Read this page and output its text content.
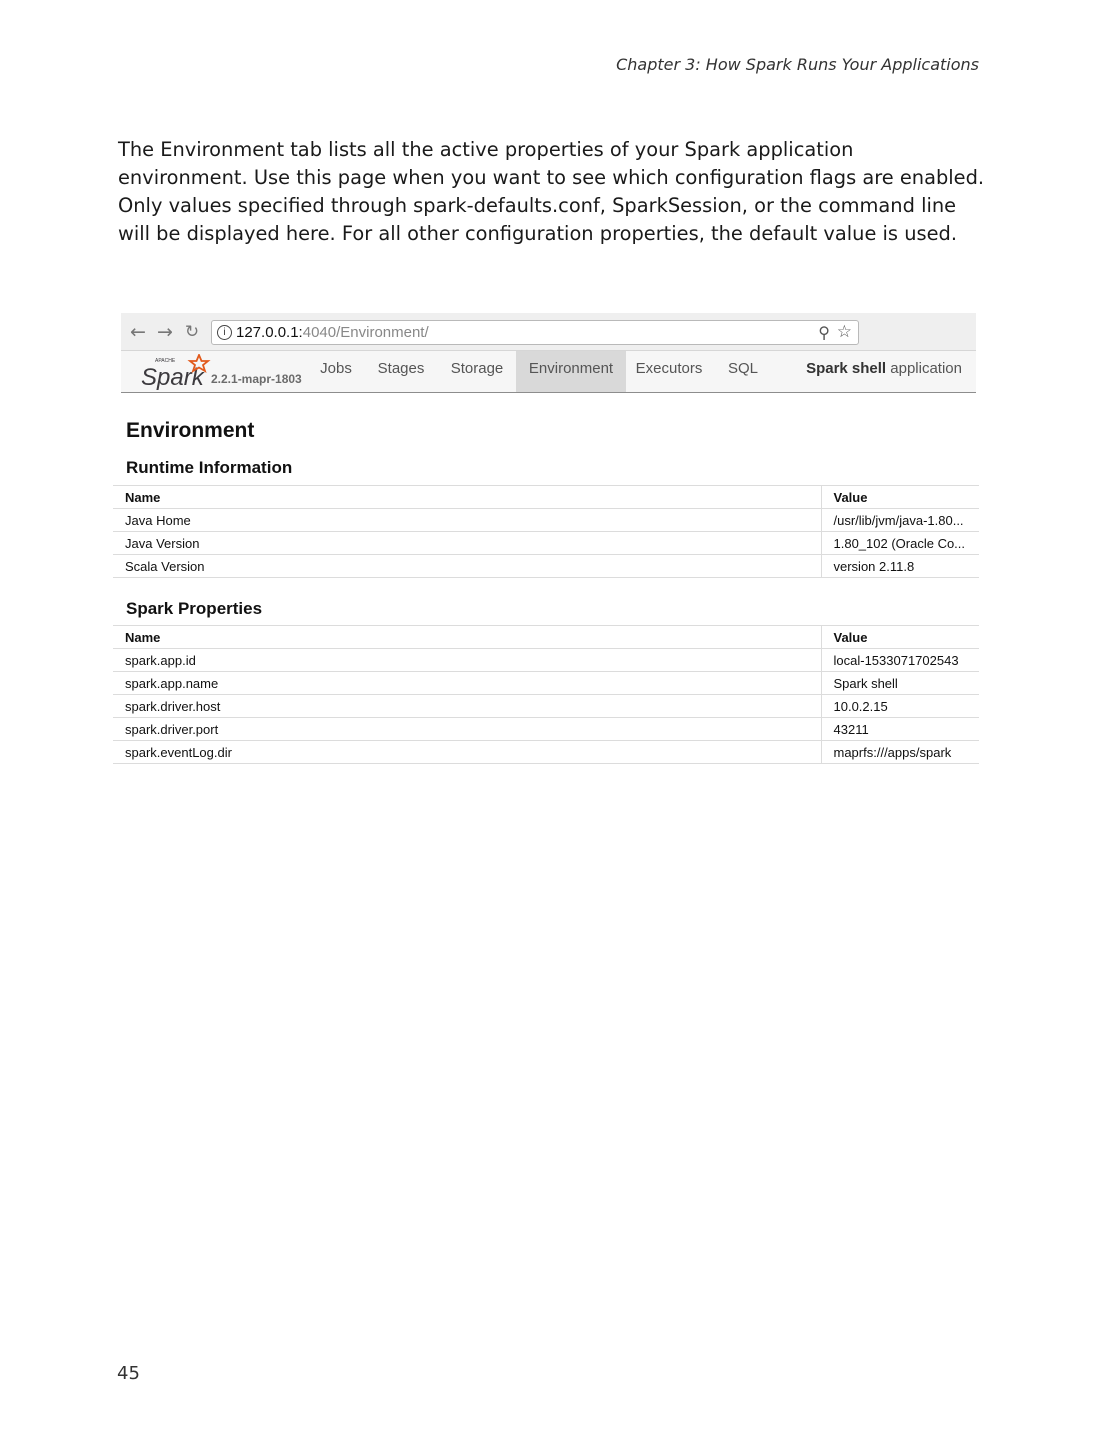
Chapter 3: How Spark Runs Your Applications

The Environment tab lists all the active properties of your Spark application environment. Use this page when you want to see which configuration flags are enabled. Only values specified through spark-defaults.conf, SparkSession, or the command line will be displayed here. For all other configuration properties, the default value is used.

← → ↻	i 127.0.0.1:4040/Environment/	⚲ ☆
APACHE
Spark 2.2.1-mapr-1803
Jobs Stages	Storage	Environment	Executors SQL	Spark shell application
Environment
Runtime Information
Name	Value
Java Home	/usr/lib/jvm/java-1.80...
Java Version	1.80_102 (Oracle Co...
Scala Version	version 2.11.8
Spark Properties
Name	Value
spark.app.id	local-1533071702543
spark.app.name	Spark shell
spark.driver.host	10.0.2.15
spark.driver.port	43211
spark.eventLog.dir	maprfs:///apps/spark
45
